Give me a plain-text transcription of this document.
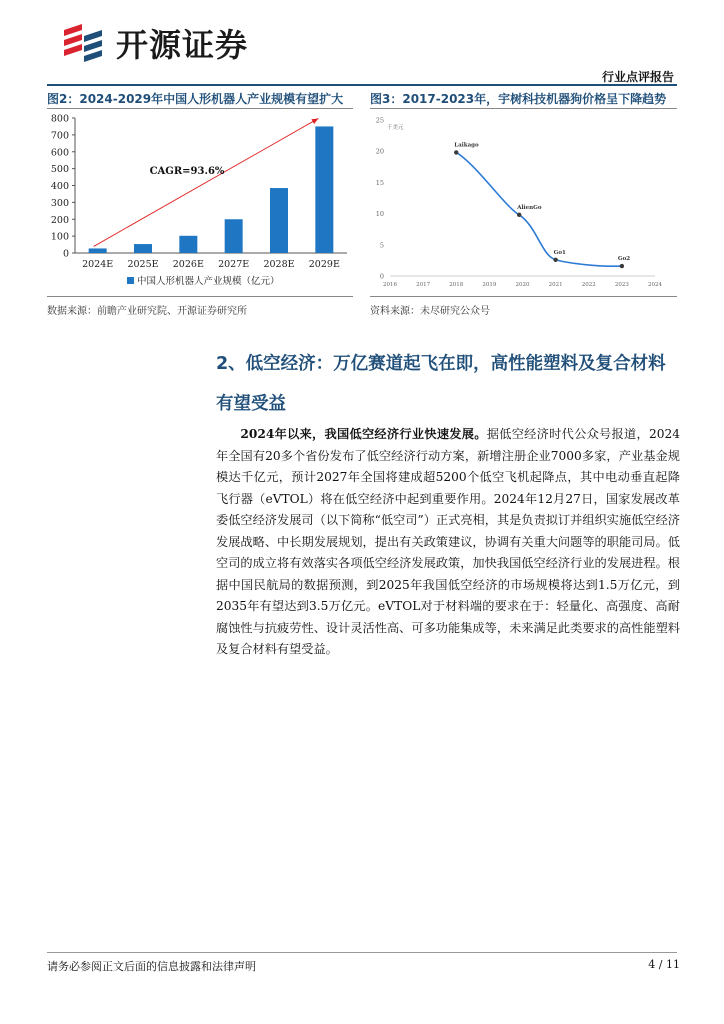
开源证券
行业点评报告
图2：2024-2029年中国人形机器人产业规模有望扩大
0
100
200
300
400
500
600
700
800
2024E 2025E 2026E 2027E 2028E 2029E
CAGR=93.6%
中国人形机器人产业规模（亿元）
数据来源：前瞻产业研究院、开源证券研究所
图3：2017-2023年，宇树科技机器狗价格呈下降趋势
0
5
10
15
20
25
2016	2017	2018	2019	2020	2021	2022	2023	2024
千美元
Laikago
AlienGo
Go1
Go2
资料来源：未尽研究公众号
2、低空经济：万亿赛道起飞在即，高性能塑料及复合材料有望受益
2024年以来，我国低空经济行业快速发展。据低空经济时代公众号报道，2024年全国有20多个省份发布了低空经济行动方案，新增注册企业7000多家，产业基金规模达千亿元，预计2027年全国将建成超5200个低空飞机起降点，其中电动垂直起降飞行器（eVTOL）将在低空经济中起到重要作用。2024年12月27日，国家发展改革委低空经济发展司（以下简称“低空司”）正式亮相，其是负责拟订并组织实施低空经济发展战略、中长期发展规划，提出有关政策建议，协调有关重大问题等的职能司局。低空司的成立将有效落实各项低空经济发展政策，加快我国低空经济行业的发展进程。根据中国民航局的数据预测，到2025年我国低空经济的市场规模将达到1.5万亿元，到2035年有望达到3.5万亿元。eVTOL对于材料端的要求在于：轻量化、高强度、高耐腐蚀性与抗疲劳性、设计灵活性高、可多功能集成等，未来满足此类要求的高性能塑料及复合材料有望受益。
请务必参阅正文后面的信息披露和法律声明	4 / 11
